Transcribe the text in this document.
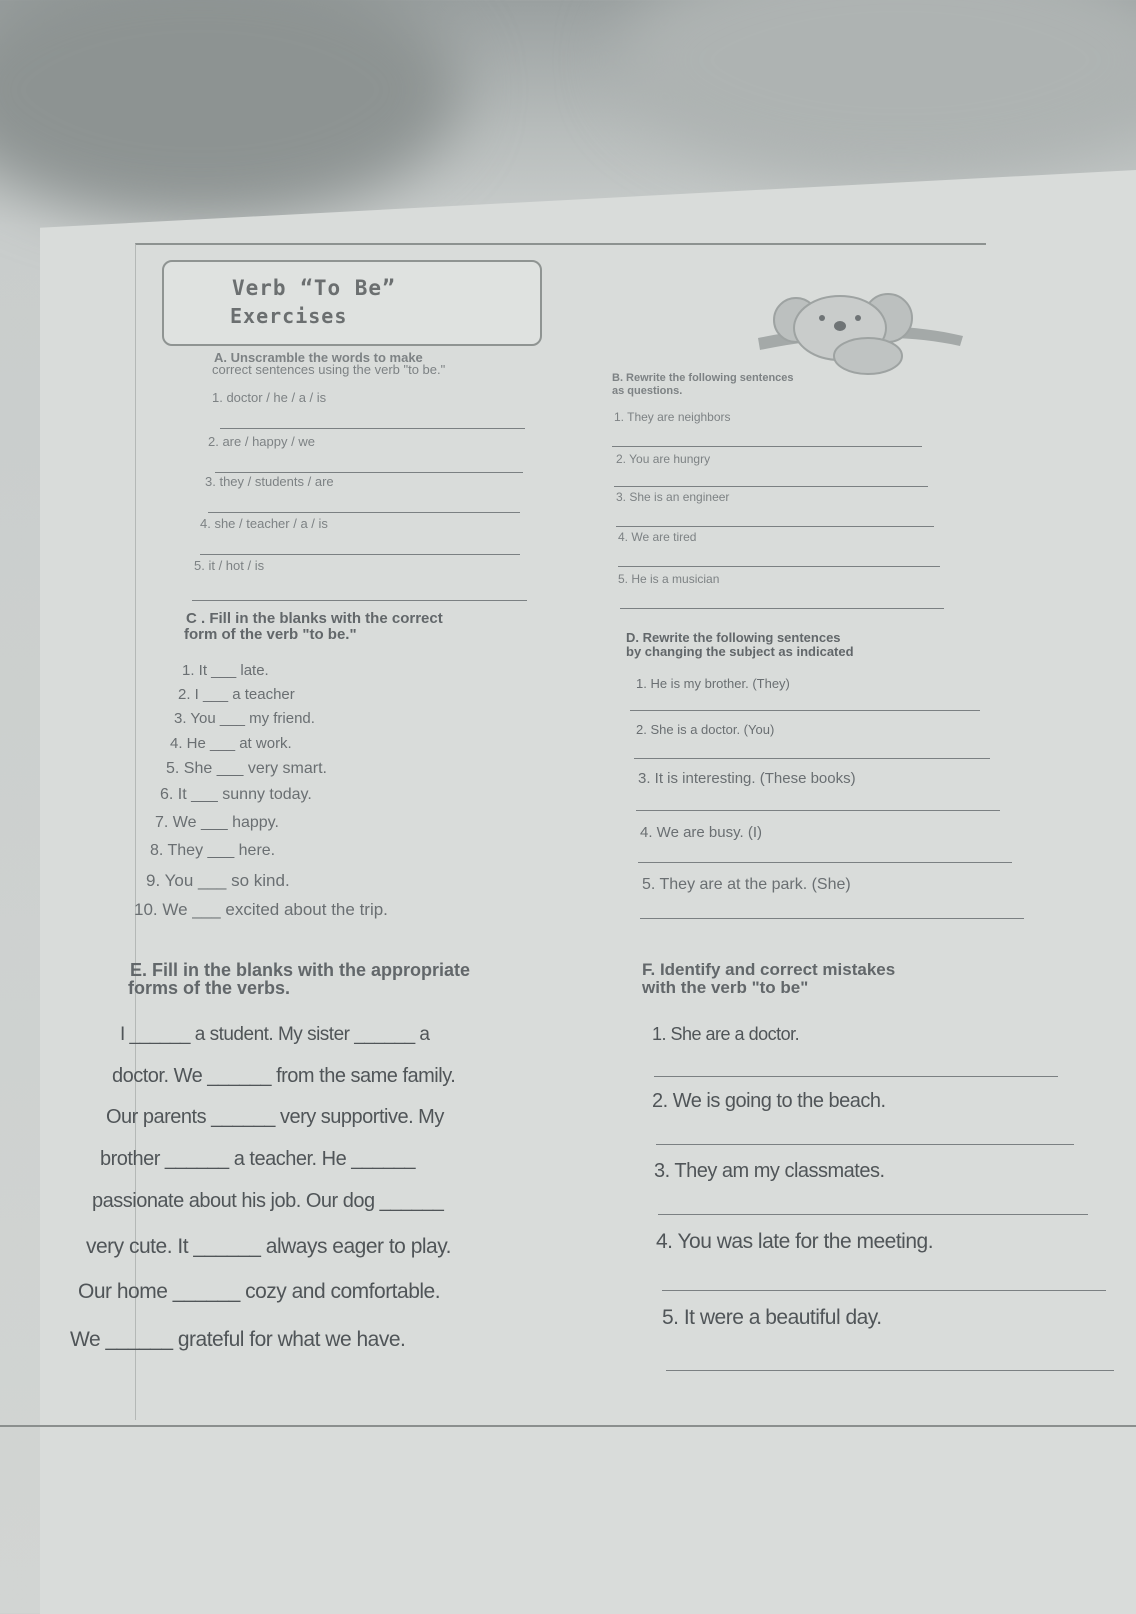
Verb “To Be”
Exercises
A. Unscramble the words to make
correct sentences using the verb "to be."
1. doctor / he / a / is
2. are / happy / we
3. they / students / are
4. she / teacher / a / is
5. it / hot / is
B. Rewrite the following sentences
as questions.
1. They are neighbors
2. You are hungry
3. She is an engineer
4. We are tired
5. He is a musician
C . Fill in the blanks with the correct
form of the verb "to be."
1. It ___ late.
2. I ___ a teacher
3. You ___ my friend.
4. He ___ at work.
5. She ___ very smart.
6. It ___ sunny today.
7. We ___ happy.
8. They ___ here.
9. You ___ so kind.
10. We ___ excited about the trip.
D. Rewrite the following sentences
by changing the subject as indicated
1. He is my brother. (They)
2. She is a doctor. (You)
3. It is interesting. (These books)
4. We are busy. (I)
5. They are at the park. (She)
E. Fill in the blanks with the appropriate
forms of the verbs.
I ______ a student. My sister ______ a
doctor. We ______ from the same family.
Our parents ______ very supportive. My
brother ______ a teacher. He ______
passionate about his job. Our dog ______
very cute. It ______ always eager to play.
Our home ______ cozy and comfortable.
We ______ grateful for what we have.
F. Identify and correct mistakes
with the verb "to be"
1. She are a doctor.
2. We is going to the beach.
3. They am my classmates.
4. You was late for the meeting.
5. It were a beautiful day.
